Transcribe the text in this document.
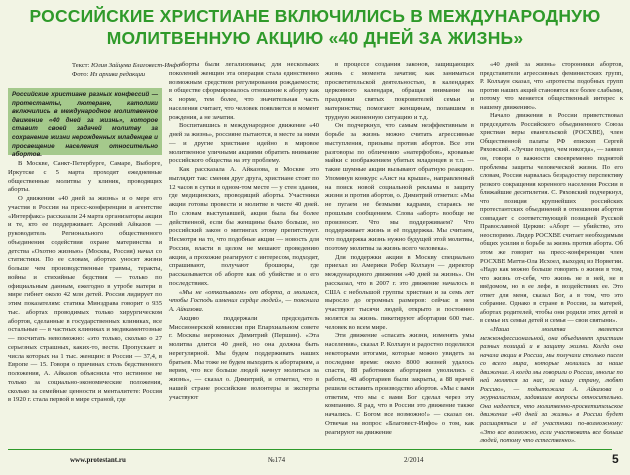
РОССИЙСКИЕ ХРИСТИАНЕ ВКЛЮЧИЛИСЬ В МЕЖДУНАРОДНУЮ
МОЛИТВЕННУЮ АКЦИЮ «40 ДНЕЙ ЗА ЖИЗНЬ»
Текст: Юлия Зайцева Благовест-Инфо
Фото: Из архива редакции

Российские христиане разных конфессий — протестанты, лютеране, католики включились в международное молитвенное движение «40 дней за жизнь», которое ставит своей задачей молитву за сохранение жизни нерожденных младенцев и просвещение населения относительно абортов.

В Москве, Санкт-Петербурге, Самаре, Выборге, Иркутске с 5 марта проходят ежедневные общественные молитвы у клиник, проводящих аборты.

О движении «40 дней за жизнь» и о мере его участия в России на пресс-конференции в агентстве «Интерфакс» рассказали 24 марта организаторы акции и те, кто ее поддерживает. Арсений Айказов — руководитель Регионального общественного объединения содействия охране материнства и детства «Охотно жизнью» (Москва, Россия) начал со статистики. По ее словам, абортах уносят жизни больше чем производственные травмы, теракты, войны и стихийные бедствия — только по официальным данным, ежегодно в утробе матери в мире гибнет около 42 млн детей. Россия лидирует по этим показателям: статика Минздрава говорит о 935 тыс. абортах проводимых только хирургическом абортов, сделанные в государственных клиниках, все остальные — в частных клиниках и медикаментозные — посчитать невозможно: «это только, сколько о 27 серьезных страшных, каких-то, вести. Пропускает и числа которых на 1 тыс. женщин: в России — 37,4, в Европе — 15. Говоря о причинах столь бедственного положения, А. Айказов объяснила что истинное не только за социально-экономические положения, сколько за семейные ценности и менталитете: Россия в 1920 г. стала первой в мире страной, где

аборты были легализованы; для нескольких поколений женщин эта операция стала единственно возможным средством регулирования рождаемости; в обществе сформировалось отношение к аборту как к норме, тем более, что значительная часть населения считает, что человек появляется в момент рождения, а не зачатия.

Воспитавшись в международное движение «40 дней за жизнь», россияне пытаются, в месте за ними — и другие христиане идейно в мировое молитвенное уличными акциями обратить внимание российского общества на эту проблему.

Как рассказала А. Айказова, в Москве это выглядит так: сменяя друг друга, христиане стоят по 12 часов в сутки в одном-том месте — у стен здания, где медицинских, проводящий аборты. Участники акции готовы провести и молитве в чисте 40 дней. По словам выступавшей, акция была бы более действенной, если бы женщины было больше, но российский закон о митингах этому препятствует. Несмотря на то, что подобные акции — новость для России, власти в целом не мешают проведению акции, а прохожие реагируют с интересом, подходят, спрашивают, получают брошюры, где рассказывается об аборте как об убийстве и о его последствиях.

«Мы не «откапываем» от аборта, а молимся, чтобы Господь изменил сердце людей», — пояснила А. Айказова.

Акцию поддержали председатель Миссионерской комиссии при Епархиальном совете г. Москвы иеромонах Димитрий (Першин). «Эта молитва длится 40 дней, но она должна быть нерегулярной. Мы будем поддерживать наших братьев. Мы тоже не будем выходить к абортариям, а верим, что все больше людей начнут молиться за жизнь», — сказал о. Димитрий, и отметил, что в нашей стране российские волонтеры и эксперты участвуют

в процессе создания законов, защищающих жизнь с момента зачатия; как заниматься просветительской деятельностью, в календарях церковного календаря, обращая внимание на праздники святых покровителей семьи и материнства; помогают женщинам, попавшим в трудную жизненную ситуацию и т.д.

Он подчеркнул, что самым неэффективным в борьбе за жизнь можно считать агрессивные выступления, призывы против абортов. Все эти разговоры по обличению «натерфобов», кровавые майки с изображением убитых младенцев и т.п. — такие шумные акции вызывают обратную реакцию. Упомянув конкурс «Аист на крыше», направленный на поиск новой социальной рекламы в защиту жизни и против абортов, о. Димитрий отметил: «Мы не пугаем не безмыми кадрами, стараясь не прошлым сообщением. Слова «аборт» вообще не произносят. Что мы поддерживаем? Что поддерживает жизнь и её поддержка. Мы считаем, что поддержка жизнь нужно будущей этой молитвы, поэтому молитвы за жизнь всего человека».

Для поддержки акции в Москву специально приехал из Америки Робер Колхаун — директор международного движения «40 дней за жизнь». Он рассказал, что в 2007 г. это движение началось в США с небольшой группы христиан и за семь лет выросло до огромных размеров: сейчас в нем участвуют тысячи людей, открыто и постоянно молятся за жизнь. пикетируют абортарии 600 тыс. человек во всем мире.

Эти движение «спасать жизни, изменять умы населения», сказал Р. Колхаун и радостно поделился некоторыми итогами, которые можно увидеть за последние время: около 8000 жизней удалось спасти, 88 работников абортариев уволились с работы, 48 абортариев были закрыты, а 88 врачей решили оставить производство абортов. «Мы с вами ответим, что мы с вами Бог сделал через эту компанию. Я рад, что в России это движение также начались. С Богом все возможно!» — сказал он. Отвечая на вопрос «Благовест-Инфо» о том, как реагируют на движение

«40 дней за жизнь» сторонники абортов, представители агрессивных феминистских групп, Р. Колхаун сказал, что «протесты подобных групп против наших акций становятся все более слабыми, потому что меняется общественный интерес к нашему движению».

Начало движения в России приветствовал председатель Российского объединенного Союза христиан веры евангельской (РОСХВЕ), член Общественной палаты РФ епископ Сергей Ряховский. «Лучше поздно, чем никогда», — заявил он, говоря о важности своевременно поднятой проблемы защиты человеческой жизни. По его словам, Россия нарвалась безрадостну перспективу резкого сокращения коренного населения России в ближайшие десятилетия. С. Ряховский подчеркнул, что позиция крупнейших российских протестантских объединений в отношении абортов совпадает с соответствующей позицией Русской Православной Церкви: «Аборт — убийство, это неоспоримо. Лидер РОСХВЕ считает необходимым общих усилия в борьбе за жизнь против аборта. Об этом же говорит на пресс-конференции член РОСХВЕ Матти-Ола Исхоел, выходец из Норвегии. «Надо как можно больше говорить о жизни в том, что жизнь от-себя, что жизнь не в ней, не в ввёдомом, но в ее лефе, в воздействиях ее. Это ответ для меня, сказал Бог, а в том, что это собрание. Однако в стране в России, за матерей, абортах родителей, чтобы они родили этих детей и в семье их семьи детей и семья — свои святыни».

«Наша молитва является межконфессиональной, она объединяет христиан разных позиций и в защиту жизни. Когда она начала акции в России, мы получали столько писем со всего мира, которые молились за наше движение. А когда мы говорили о России, многие по ней молятся за нас, за нашу страну, любят Россию», — подытожила А. Айказова о журналистам, задавшим вопросы относительно. Она надеется, что молитвенно-просветительское движение «40 дней за жизнь» в России будет расширяться и её участники по-возможному: «Это все возможно, если участвовать все больше людей, потому что естественно».

www.protestant.ru	№174	2/2014	5
